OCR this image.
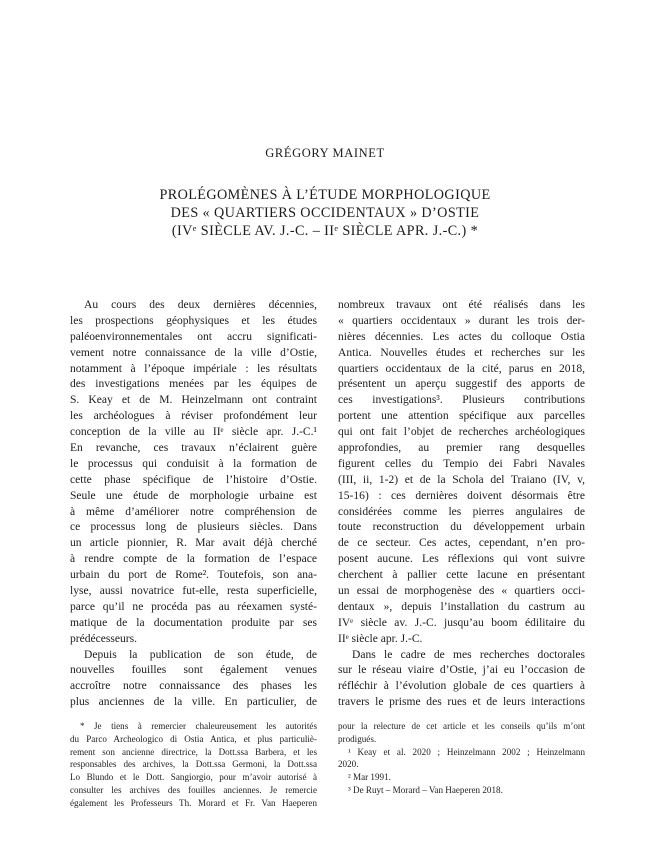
GRÉGORY MAINET
PROLÉGOMÈNES À L’ÉTUDE MORPHOLOGIQUE
DES « QUARTIERS OCCIDENTAUX » D’OSTIE
(IVᵉ SIÈCLE AV. J.-C. – IIᵉ SIÈCLE APR. J.-C.) *
Au cours des deux dernières décennies,
les prospections géophysiques et les études
paléoenvironnementales ont accru significati-
vement notre connaissance de la ville d’Ostie,
notamment à l’époque impériale : les résultats
des investigations menées par les équipes de
S. Keay et de M. Heinzelmann ont contraint
les archéologues à réviser profondément leur
conception de la ville au IIᵉ siècle apr. J.-C.¹
En revanche, ces travaux n’éclairent guère
le processus qui conduisit à la formation de
cette phase spécifique de l’histoire d’Ostie.
Seule une étude de morphologie urbaine est
à même d’améliorer notre compréhension de
ce processus long de plusieurs siècles. Dans
un article pionnier, R. Mar avait déjà cherché
à rendre compte de la formation de l’espace
urbain du port de Rome². Toutefois, son ana-
lyse, aussi novatrice fut-elle, resta superficielle,
parce qu’il ne procéda pas au réexamen systé-
matique de la documentation produite par ses
prédécesseurs.
Depuis la publication de son étude, de
nouvelles fouilles sont également venues
accroître notre connaissance des phases les
plus anciennes de la ville. En particulier, de
nombreux travaux ont été réalisés dans les
« quartiers occidentaux » durant les trois der-
nières décennies. Les actes du colloque Ostia
Antica. Nouvelles études et recherches sur les
quartiers occidentaux de la cité, parus en 2018,
présentent un aperçu suggestif des apports de
ces investigations³. Plusieurs contributions
portent une attention spécifique aux parcelles
qui ont fait l’objet de recherches archéologiques
approfondies, au premier rang desquelles
figurent celles du Tempio dei Fabri Navales
(III, ii, 1-2) et de la Schola del Traiano (IV, v,
15-16) : ces dernières doivent désormais être
considérées comme les pierres angulaires de
toute reconstruction du développement urbain
de ce secteur. Ces actes, cependant, n’en pro-
posent aucune. Les réflexions qui vont suivre
cherchent à pallier cette lacune en présentant
un essai de morphogenèse des « quartiers occi-
dentaux », depuis l’installation du castrum au
IVᵉ siècle av. J.-C. jusqu’au boom édilitaire du
IIᵉ siècle apr. J.-C.
Dans le cadre de mes recherches doctorales
sur le réseau viaire d’Ostie, j’ai eu l’occasion de
réfléchir à l’évolution globale de ces quartiers à
travers le prisme des rues et de leurs interactions
* Je tiens à remercier chaleureusement les autorités
du Parco Archeologico di Ostia Antica, et plus particuliè-
rement son ancienne directrice, la Dott.ssa Barbera, et les
responsables des archives, la Dott.ssa Germoni, la Dott.ssa
Lo Blundo et le Dott. Sangiorgio, pour m’avoir autorisé à
consulter les archives des fouilles anciennes. Je remercie
également les Professeurs Th. Morard et Fr. Van Haeperen
pour la relecture de cet article et les conseils qu’ils m’ont
prodigués.
¹ Keay et al. 2020 ; Heinzelmann 2002 ; Heinzelmann
2020.
² Mar 1991.
³ De Ruyt – Morard – Van Haeperen 2018.
